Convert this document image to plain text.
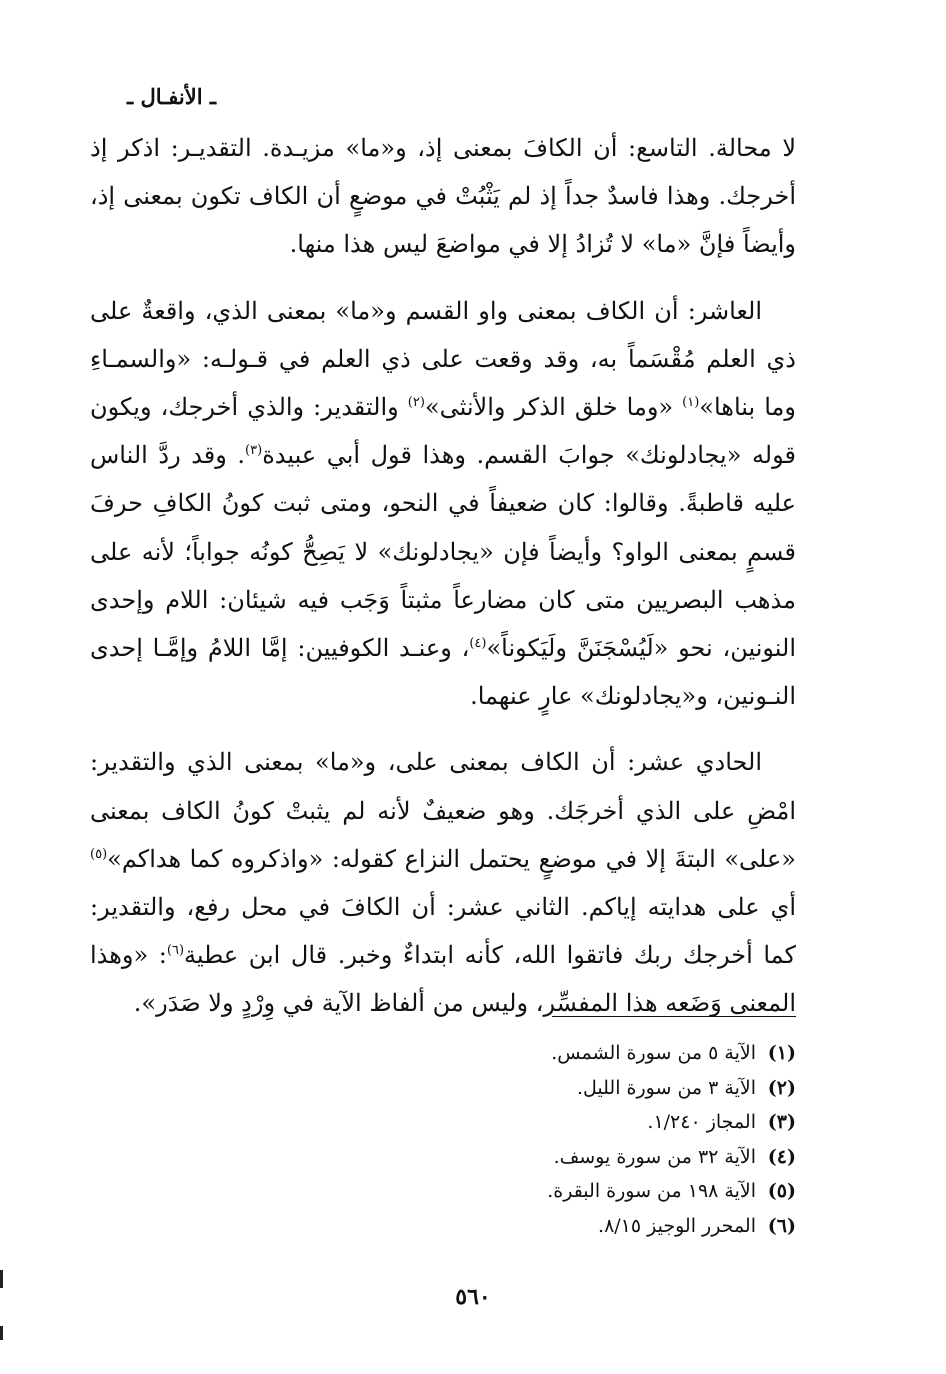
ـ الأنفـال ـ

لا محالة. التاسع: أن الكافَ بمعنى إذ، و«ما» مزيـدة. التقديـر: اذكر إذ أخرجك. وهذا فاسدٌ جداً إذ لم يَثْبُتْ في موضعٍ أن الكاف تكون بمعنى إذ، وأيضاً فإنَّ «ما» لا تُزادُ إلا في مواضعَ ليس هذا منها.

العاشر: أن الكاف بمعنى واو القسم و«ما» بمعنى الذي، واقعةٌ على ذي العلم مُقْسَماً به، وقد وقعت على ذي العلم في قـولـه: «والسمـاءِ وما بناها»$^{(١)}$ «وما خلق الذكر والأنثى»$^{(٢)}$ والتقدير: والذي أخرجك، ويكون قوله «يجادلونك» جوابَ القسم. وهذا قول أبي عبيدة$^{(٣)}$. وقد ردَّ الناس عليه قاطبةً. وقالوا: كان ضعيفاً في النحو، ومتى ثبت كونُ الكافِ حرفَ قسمٍ بمعنى الواو؟ وأيضاً فإن «يجادلونك» لا يَصِحُّ كونُه جواباً؛ لأنه على مذهب البصريين متى كان مضارعاً مثبتاً وَجَب فيه شيئان: اللام وإحدى النونين، نحو «لَيُسْجَنَنَّ ولَيَكوناً»$^{(٤)}$، وعنـد الكوفيين: إمَّا اللامُ وإمَّـا إحدى النـونين، و«يجادلونك» عارٍ عنهما.

الحادي عشر: أن الكاف بمعنى على، و«ما» بمعنى الذي والتقدير: امْضِ على الذي أخرجَك. وهو ضعيفٌ لأنه لم يثبتْ كونُ الكاف بمعنى «على» البتةَ إلا في موضعٍ يحتمل النزاع كقوله: «واذكروه كما هداكم»$^{(٥)}$ أي على هدايته إياكم. الثاني عشر: أن الكافَ في محل رفع، والتقدير: كما أخرجك ربك فاتقوا الله، كأنه ابتداءٌ وخبر. قال ابن عطية$^{(٦)}$: «وهذا المعنى وَضَعه هذا المفسِّر، وليس من ألفاظ الآية في وِرْدٍ ولا صَدَر».

(١)الآية ٥ من سورة الشمس.
(٢)الآية ٣ من سورة الليل.
(٣)المجاز ١/٢٤٠.
(٤)الآية ٣٢ من سورة يوسف.
(٥)الآية ١٩٨ من سورة البقرة.
(٦)المحرر الوجيز ٨/١٥.
٥٦٠
